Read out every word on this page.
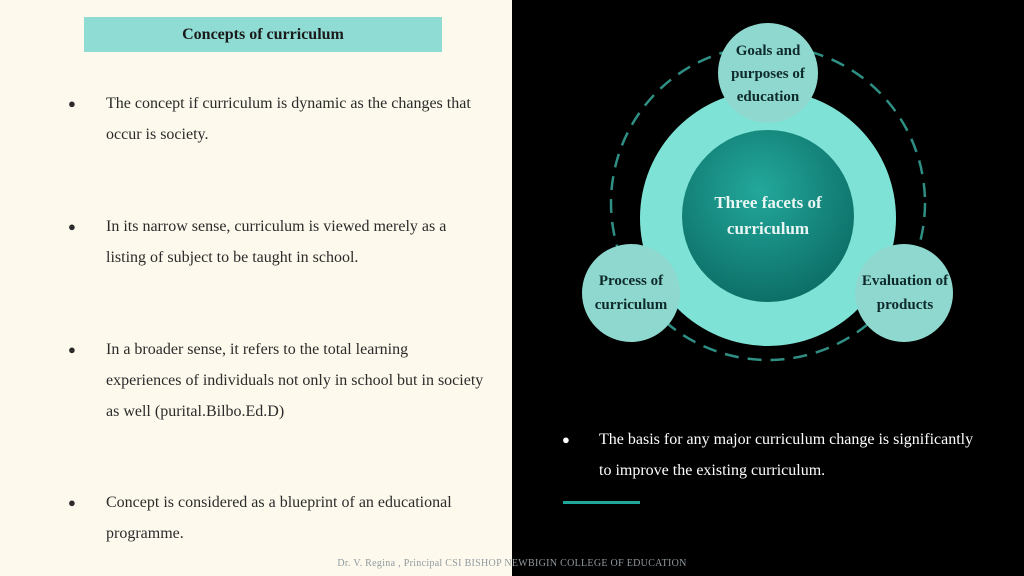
Concepts of curriculum
● The concept if curriculum is dynamic as the changes that occur is society.
● In its narrow sense, curriculum is viewed merely as a listing of subject to be taught in school.
● In a broader sense, it refers to the total learning experiences of individuals not only in school but in society as well (purital.Bilbo.Ed.D)
● Concept is considered as a blueprint of an educational programme.
Three facets of curriculum
Goals and purposes of education
Process of curriculum
Evaluation of products
● The basis for any major curriculum change is significantly to improve the existing curriculum.
Dr. V. Regina , Principal CSI BISHOP NEWBIGIN COLLEGE OF EDUCATION
